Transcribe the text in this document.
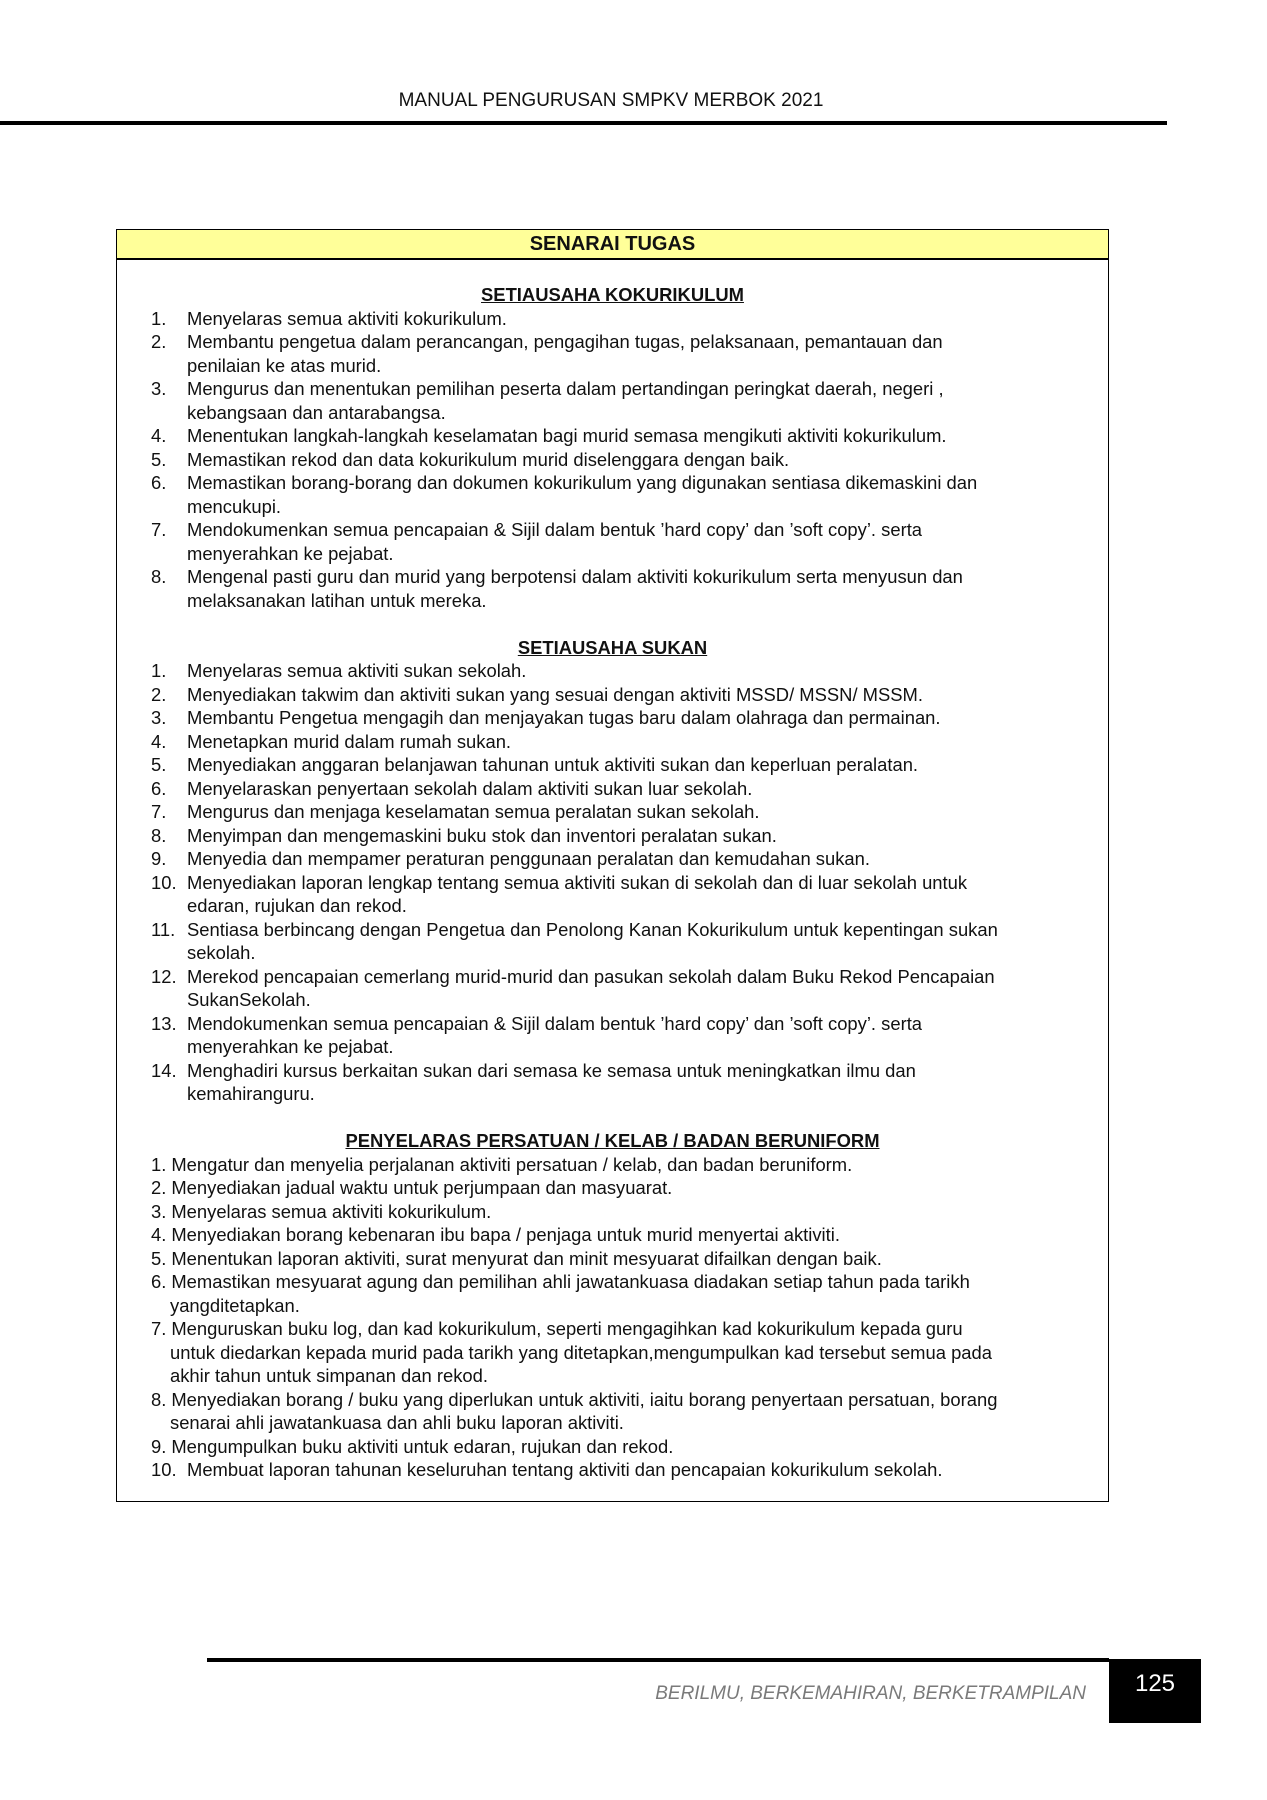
MANUAL PENGURUSAN SMPKV MERBOK 2021
SENARAI TUGAS
SETIAUSAHA KOKURIKULUM
1. Menyelaras semua aktiviti kokurikulum.
2. Membantu pengetua dalam perancangan, pengagihan tugas, pelaksanaan, pemantauan dan
penilaian ke atas murid.
3. Mengurus dan menentukan pemilihan peserta dalam pertandingan peringkat daerah, negeri ,
kebangsaan dan antarabangsa.
4. Menentukan langkah-langkah keselamatan bagi murid semasa mengikuti aktiviti kokurikulum.
5. Memastikan rekod dan data kokurikulum murid diselenggara dengan baik.
6. Memastikan borang-borang dan dokumen kokurikulum yang digunakan sentiasa dikemaskini dan
mencukupi.
7. Mendokumenkan semua pencapaian & Sijil dalam bentuk ’hard copy’ dan ’soft copy’. serta
menyerahkan ke pejabat.
8. Mengenal pasti guru dan murid yang berpotensi dalam aktiviti kokurikulum serta menyusun dan
melaksanakan latihan untuk mereka.
SETIAUSAHA SUKAN
1. Menyelaras semua aktiviti sukan sekolah.
2. Menyediakan takwim dan aktiviti sukan yang sesuai dengan aktiviti MSSD/ MSSN/ MSSM.
3. Membantu Pengetua mengagih dan menjayakan tugas baru dalam olahraga dan permainan.
4. Menetapkan murid dalam rumah sukan.
5. Menyediakan anggaran belanjawan tahunan untuk aktiviti sukan dan keperluan peralatan.
6. Menyelaraskan penyertaan sekolah dalam aktiviti sukan luar sekolah.
7. Mengurus dan menjaga keselamatan semua peralatan sukan sekolah.
8. Menyimpan dan mengemaskini buku stok dan inventori peralatan sukan.
9. Menyedia dan mempamer peraturan penggunaan peralatan dan kemudahan sukan.
10. Menyediakan laporan lengkap tentang semua aktiviti sukan di sekolah dan di luar sekolah untuk
edaran, rujukan dan rekod.
11. Sentiasa berbincang dengan Pengetua dan Penolong Kanan Kokurikulum untuk kepentingan sukan
sekolah.
12. Merekod pencapaian cemerlang murid-murid dan pasukan sekolah dalam Buku Rekod Pencapaian
SukanSekolah.
13. Mendokumenkan semua pencapaian & Sijil dalam bentuk ’hard copy’ dan ’soft copy’. serta
menyerahkan ke pejabat.
14. Menghadiri kursus berkaitan sukan dari semasa ke semasa untuk meningkatkan ilmu dan
kemahiranguru.
PENYELARAS PERSATUAN / KELAB / BADAN BERUNIFORM
1. Mengatur dan menyelia perjalanan aktiviti persatuan / kelab, dan badan beruniform.
2. Menyediakan jadual waktu untuk perjumpaan dan masyuarat.
3. Menyelaras semua aktiviti kokurikulum.
4. Menyediakan borang kebenaran ibu bapa / penjaga untuk murid menyertai aktiviti.
5. Menentukan laporan aktiviti, surat menyurat dan minit mesyuarat difailkan dengan baik.
6. Memastikan mesyuarat agung dan pemilihan ahli jawatankuasa diadakan setiap tahun pada tarikh
yangditetapkan.
7. Menguruskan buku log, dan kad kokurikulum, seperti mengagihkan kad kokurikulum kepada guru
untuk diedarkan kepada murid pada tarikh yang ditetapkan,mengumpulkan kad tersebut semua pada
akhir tahun untuk simpanan dan rekod.
8. Menyediakan borang / buku yang diperlukan untuk aktiviti, iaitu borang penyertaan persatuan, borang
senarai ahli jawatankuasa dan ahli buku laporan aktiviti.
9. Mengumpulkan buku aktiviti untuk edaran, rujukan dan rekod.
10. Membuat laporan tahunan keseluruhan tentang aktiviti dan pencapaian kokurikulum sekolah.
BERILMU, BERKEMAHIRAN, BERKETRAMPILAN	125
